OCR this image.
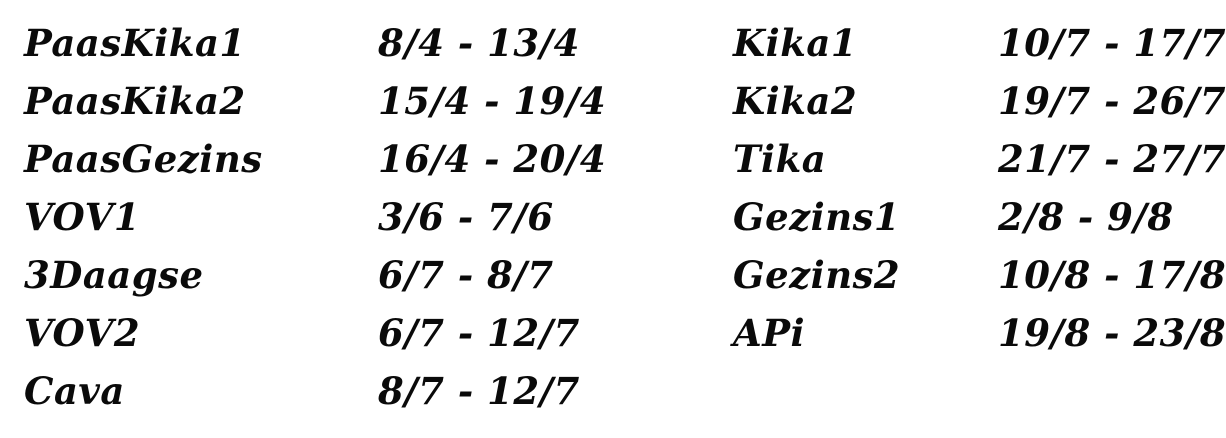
PaasKika1	8/4 - 13/4
PaasKika2	15/4 - 19/4
PaasGezins	16/4 - 20/4
VOV1	3/6 - 7/6
3Daagse	6/7 - 8/7
VOV2	6/7 - 12/7
Cava	8/7 - 12/7
Kika1	10/7 - 17/7
Kika2	19/7 - 26/7
Tika	21/7 - 27/7
Gezins1	2/8 - 9/8
Gezins2	10/8 - 17/8
APi	19/8 - 23/8
